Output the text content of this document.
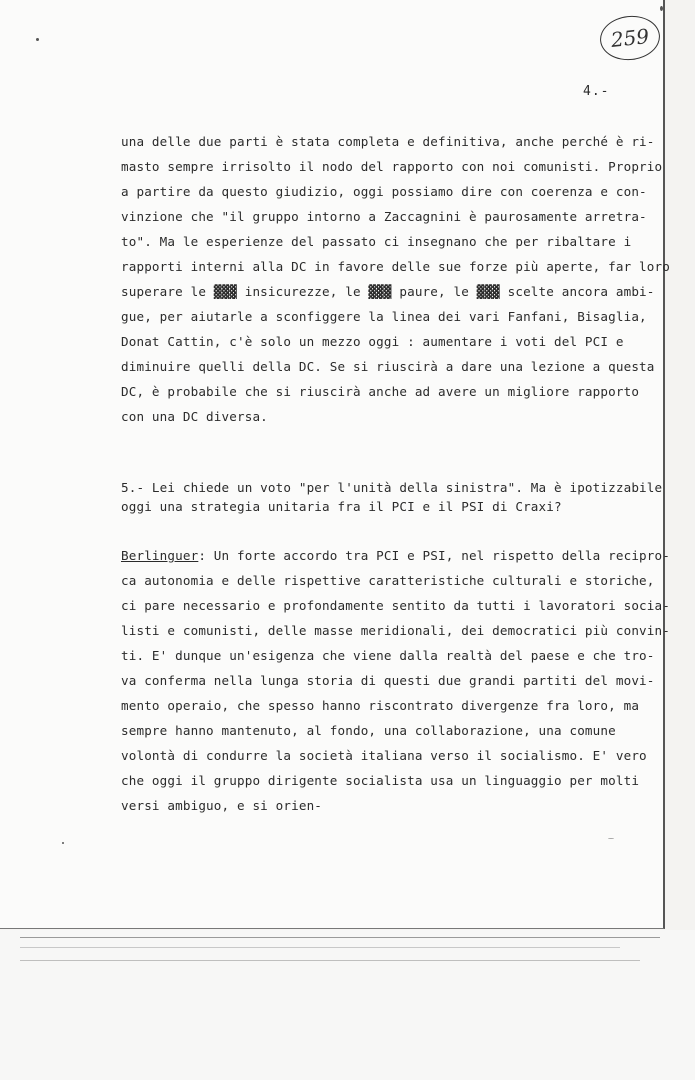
259
4.-
una delle due parti è stata completa e definitiva, anche perché è ri-
masto sempre irrisolto il nodo del rapporto con noi comunisti. Proprio
a partire da questo giudizio, oggi possiamo dire con coerenza e con-
vinzione che "il gruppo intorno a Zaccagnini è paurosamente arretra-
to". Ma le esperienze del passato ci insegnano che per ribaltare i
rapporti interni alla DC in favore delle sue forze più aperte, far loro
superare le ▓▓▓ insicurezze, le ▓▓▓ paure, le ▓▓▓ scelte ancora ambi-
gue, per aiutarle a sconfiggere la linea dei vari Fanfani, Bisaglia,
Donat Cattin, c'è solo un mezzo oggi : aumentare i voti del PCI e
diminuire quelli della DC. Se si riuscirà a dare una lezione a questa
DC, è probabile che si riuscirà anche ad avere un migliore rapporto
con una DC diversa.
5.- Lei chiede un voto "per l'unità della sinistra". Ma è ipotizzabile
oggi una strategia unitaria fra il PCI e il PSI di Craxi?
Berlinguer : Un forte accordo tra PCI e PSI, nel rispetto della recipro-
ca autonomia e delle rispettive caratteristiche culturali e storiche,
ci pare necessario e profondamente sentito da tutti i lavoratori socia-
listi e comunisti, delle masse meridionali, dei democratici più convin-
ti. E' dunque un'esigenza che viene dalla realtà del paese e che tro-
va conferma nella lunga storia di questi due grandi partiti del movi-
mento operaio, che spesso hanno riscontrato divergenze fra loro, ma
sempre hanno mantenuto, al fondo, una collaborazione, una comune
volontà di condurre la società italiana verso il socialismo. E' vero
che oggi il gruppo dirigente socialista usa un linguaggio per molti
versi ambiguo, e si orien-
